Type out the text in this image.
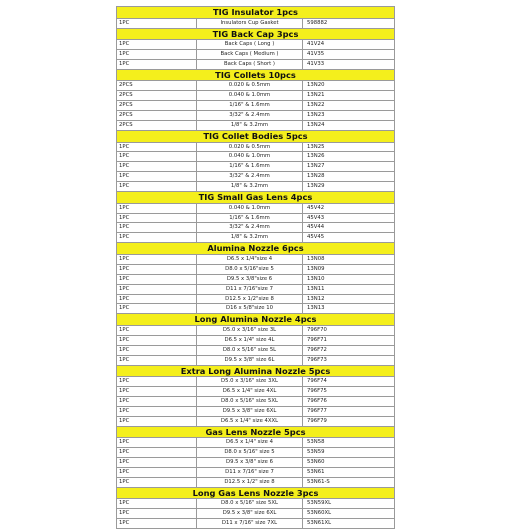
TIG Insulator 1pcs		
1PC	Insulators Cup Gasket	598882
TIG Back Cap 3pcs		
1PC	Back Caps ( Long )	41V24
1PC	Back Caps ( Medium )	41V35
1PC	Back Caps ( Short )	41V33
TIG Collets 10pcs		
2PCS	0.020 & 0.5mm	13N20
2PCS	0.040 & 1.0mm	13N21
2PCS	1/16" & 1.6mm	13N22
2PCS	3/32" & 2.4mm	13N23
2PCS	1/8" & 3.2mm	13N24
TIG Collet Bodies 5pcs		
1PC	0.020 & 0.5mm	13N25
1PC	0.040 & 1.0mm	13N26
1PC	1/16" & 1.6mm	13N27
1PC	3/32" & 2.4mm	13N28
1PC	1/8" & 3.2mm	13N29
TIG Small Gas Lens 4pcs		
1PC	0.040 & 1.0mm	45V42
1PC	1/16" & 1.6mm	45V43
1PC	3/32" & 2.4mm	45V44
1PC	1/8" & 3.2mm	45V45
Alumina Nozzle 6pcs		
1PC	D6.5 x 1/4"size 4	13N08
1PC	D8.0 x 5/16"size 5	13N09
1PC	D9.5 x 3/8"size 6	13N10
1PC	D11 x 7/16"size 7	13N11
1PC	D12.5 x 1/2"size 8	13N12
1PC	D16 x 5/8"size 10	13N13
Long Alumina Nozzle 4pcs		
1PC	D5.0 x 3/16" size 3L	796F70
1PC	D6.5 x 1/4" size 4L	796F71
1PC	D8.0 x 5/16" size 5L	796F72
1PC	D9.5 x 3/8" size 6L	796F73
Extra Long Alumina Nozzle 5pcs		
1PC	D5.0 x 3/16" size 3XL	796F74
1PC	D6.5 x 1/4" size 4XL	796F75
1PC	D8.0 x 5/16" size 5XL	796F76
1PC	D9.5 x 3/8" size 6XL	796F77
1PC	D6.5 x 1/4" size 4XXL	796F79
Gas Lens Nozzle 5pcs		
1PC	D6.5 x 1/4" size 4	53N58
1PC	D8.0 x 5/16" size 5	53N59
1PC	D9.5 x 3/8" size 6	53N60
1PC	D11 x 7/16" size 7	53N61
1PC	D12.5 x 1/2" size 8	53N61-S
Long Gas Lens Nozzle 3pcs		
1PC	D8.0 x 5/16" size 5XL	53N59XL
1PC	D9.5 x 3/8" size 6XL	53N60XL
1PC	D11 x 7/16" size 7XL	53N61XL
